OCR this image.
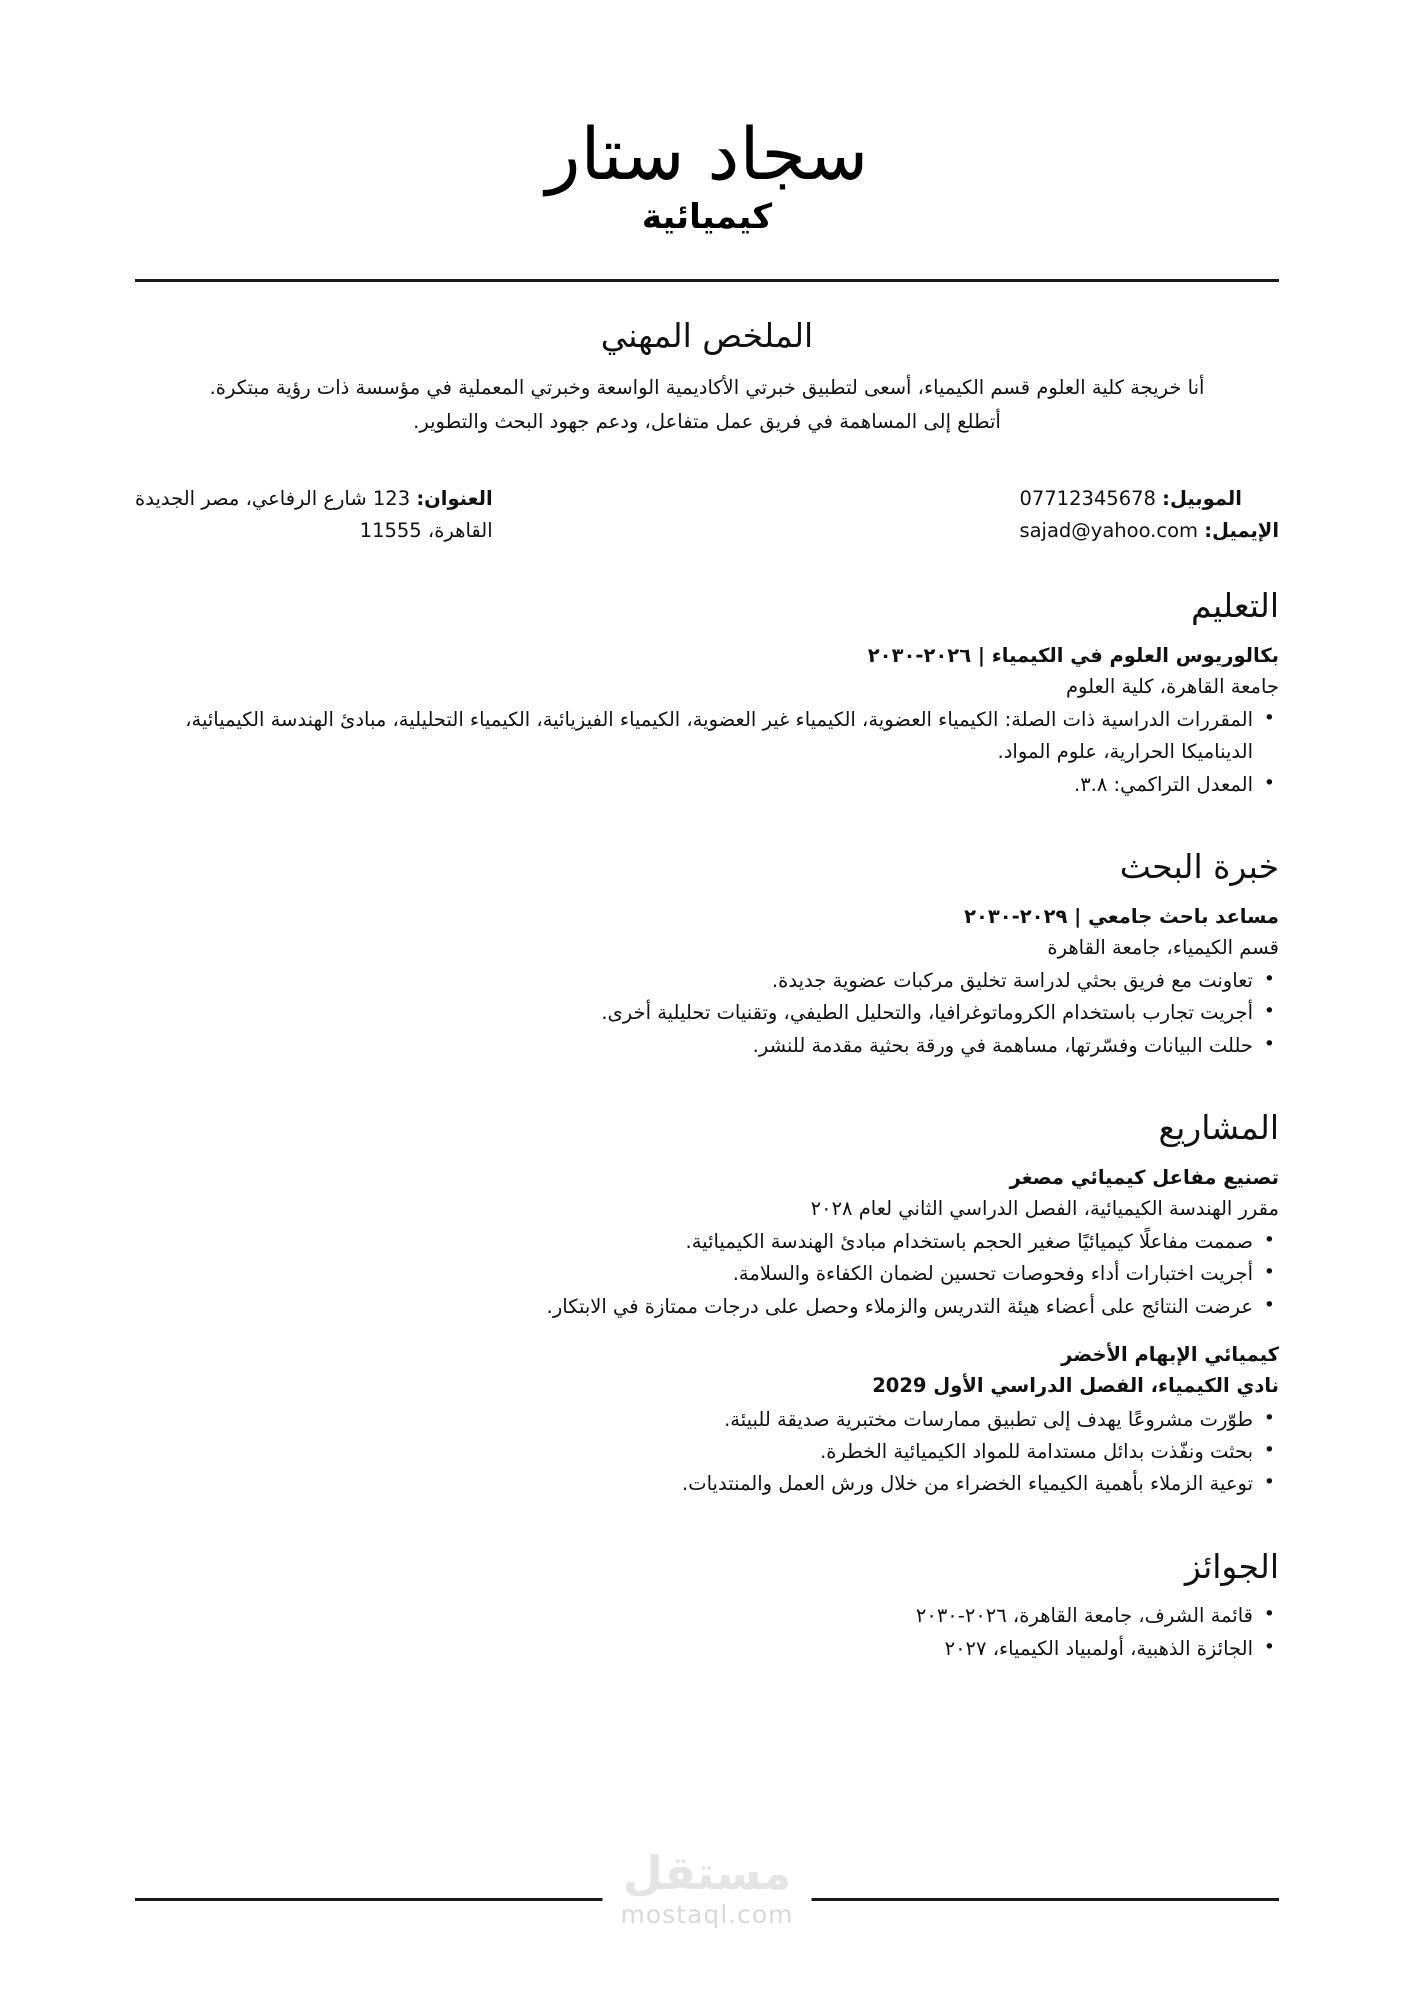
سجاد ستار
كيميائية
الملخص المهني

أنا خريجة كلية العلوم قسم الكيمياء، أسعى لتطبيق خبرتي الأكاديمية الواسعة وخبرتي المعملية في مؤسسة ذات رؤية مبتكرة. أتطلع إلى المساهمة في فريق عمل متفاعل، ودعم جهود البحث والتطوير.

الموبيل: 07712345678
الإيميل: sajad@yahoo.com
العنوان: 123 شارع الرفاعي، مصر الجديدة
القاهرة، 11555
التعليم
بكالوريوس العلوم في الكيمياء | ٢٠٢٦-٢٠٣٠
جامعة القاهرة، كلية العلوم
• المقررات الدراسية ذات الصلة: الكيمياء العضوية، الكيمياء غير العضوية، الكيمياء الفيزيائية، الكيمياء التحليلية، مبادئ الهندسة الكيميائية، الديناميكا الحرارية، علوم المواد.
• المعدل التراكمي: ٣.٨.
خبرة البحث
مساعد باحث جامعي | ٢٠٢٩-٢٠٣٠
قسم الكيمياء، جامعة القاهرة
• تعاونت مع فريق بحثي لدراسة تخليق مركبات عضوية جديدة.
• أجريت تجارب باستخدام الكروماتوغرافيا، والتحليل الطيفي، وتقنيات تحليلية أخرى.
• حللت البيانات وفسّرتها، مساهمة في ورقة بحثية مقدمة للنشر.
المشاريع
تصنيع مفاعل كيميائي مصغر
مقرر الهندسة الكيميائية، الفصل الدراسي الثاني لعام ٢٠٢٨
• صممت مفاعلًا كيميائيًا صغير الحجم باستخدام مبادئ الهندسة الكيميائية.
• أجريت اختبارات أداء وفحوصات تحسين لضمان الكفاءة والسلامة.
• عرضت النتائج على أعضاء هيئة التدريس والزملاء وحصل على درجات ممتازة في الابتكار.
كيميائي الإبهام الأخضر
نادي الكيمياء، الفصل الدراسي الأول 2029
• طوّرت مشروعًا يهدف إلى تطبيق ممارسات مختبرية صديقة للبيئة.
• بحثت ونفّذت بدائل مستدامة للمواد الكيميائية الخطرة.
• توعية الزملاء بأهمية الكيمياء الخضراء من خلال ورش العمل والمنتديات.
الجوائز
• قائمة الشرف، جامعة القاهرة، ٢٠٢٦-٢٠٣٠
• الجائزة الذهبية، أولمبياد الكيمياء، ٢٠٢٧
مستقل
mostaql.com
